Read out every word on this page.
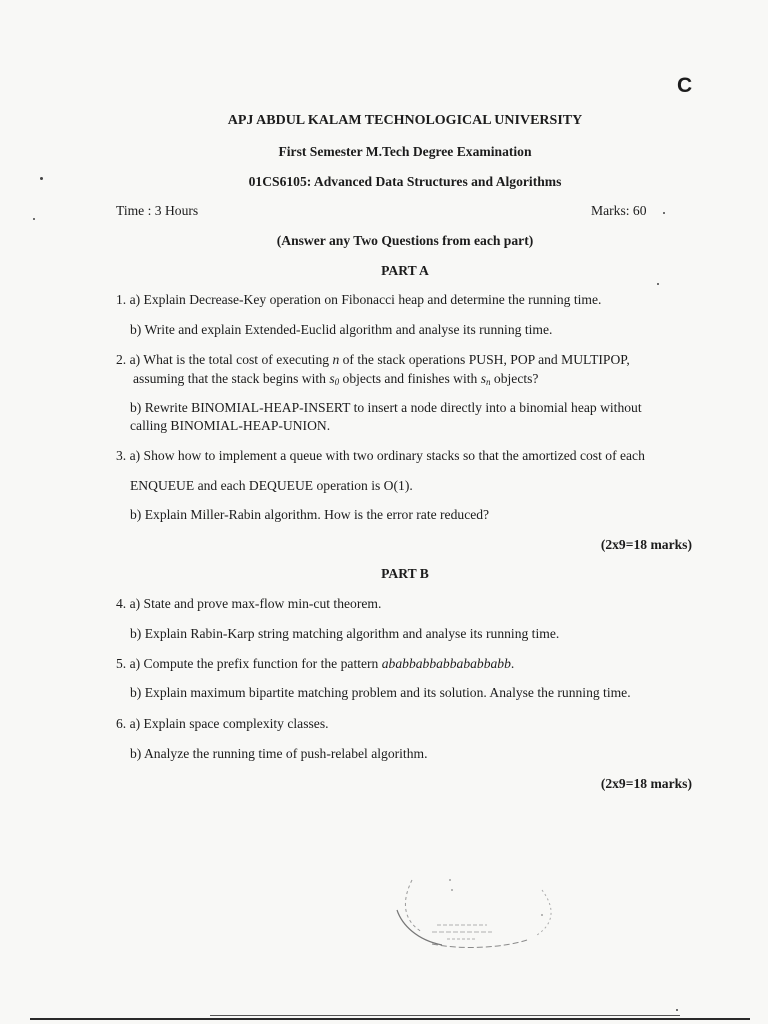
C
APJ ABDUL KALAM TECHNOLOGICAL UNIVERSITY
First Semester M.Tech Degree Examination
01CS6105: Advanced Data Structures and Algorithms
Time : 3 Hours	Marks: 60
(Answer any Two Questions from each part)
PART A
1. a) Explain Decrease-Key operation on Fibonacci heap and determine the running time.
b) Write and explain Extended-Euclid algorithm and analyse its running time.
2. a) What is the total cost of executing n of the stack operations PUSH, POP and MULTIPOP,
assuming that the stack begins with $s_0$ objects and finishes with $s_n$ objects?
b) Rewrite BINOMIAL-HEAP-INSERT to insert a node directly into a binomial heap without
calling BINOMIAL-HEAP-UNION.
3. a) Show how to implement a queue with two ordinary stacks so that the amortized cost of each
ENQUEUE and each DEQUEUE operation is O(1).
b) Explain Miller-Rabin algorithm. How is the error rate reduced?
(2x9=18 marks)
PART B
4. a) State and prove max-flow min-cut theorem.
b) Explain Rabin-Karp string matching algorithm and analyse its running time.
5. a) Compute the prefix function for the pattern ababbabbabbababbabb.
b) Explain maximum bipartite matching problem and its solution. Analyse the running time.
6. a) Explain space complexity classes.
b) Analyze the running time of push-relabel algorithm.
(2x9=18 marks)
